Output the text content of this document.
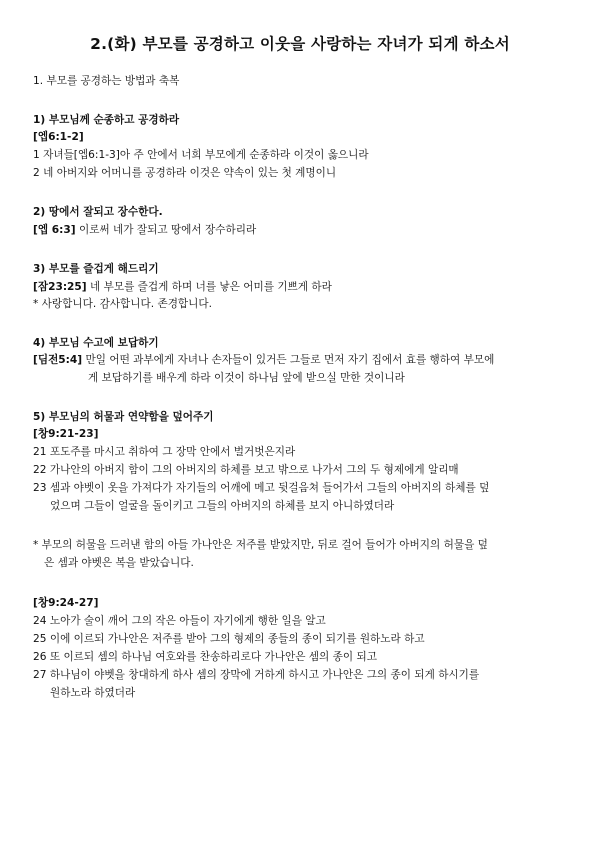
2.(화) 부모를 공경하고 이웃을 사랑하는 자녀가 되게 하소서
1. 부모를 공경하는 방법과 축복
1) 부모님께 순종하고 공경하라
[엡6:1-2]
1 자녀들[엡6:1-3]아 주 안에서 너희 부모에게 순종하라 이것이 옳으니라
2 네 아버지와 어머니를 공경하라 이것은 약속이 있는 첫 계명이니
2) 땅에서 잘되고 장수한다.
[엡 6:3] 이로써 네가 잘되고 땅에서 장수하리라
3) 부모를 즐겁게 해드리기
[잠23:25] 네 부모를 즐겁게 하며 너를 낳은 어미를 기쁘게 하라
* 사랑합니다. 감사합니다. 존경합니다.
4) 부모님 수고에 보답하기
[딤전5:4] 만일 어떤 과부에게 자녀나 손자들이 있거든 그들로 먼저 자기 집에서 효를 행하여 부모에
게 보답하기를 배우게 하라 이것이 하나님 앞에 받으실 만한 것이니라
5) 부모님의 허물과 연약함을 덮어주기
[창9:21-23]
21 포도주를 마시고 취하여 그 장막 안에서 벌거벗은지라
22 가나안의 아버지 함이 그의 아버지의 하체를 보고 밖으로 나가서 그의 두 형제에게 알리매
23 셈과 야벳이 옷을 가져다가 자기들의 어깨에 메고 뒷걸음쳐 들어가서 그들의 아버지의 하체를 덮
었으며 그들이 얼굴을 돌이키고 그들의 아버지의 하체를 보지 아니하였더라
* 부모의 허물을 드러낸 함의 아들 가나안은 저주를 받았지만, 뒤로 걸어 들어가 아버지의 허물을 덮
은 셈과 야벳은 복을 받았습니다.
[창9:24-27]
24 노아가 술이 깨어 그의 작은 아들이 자기에게 행한 일을 알고
25 이에 이르되 가나안은 저주를 받아 그의 형제의 종들의 종이 되기를 원하노라 하고
26 또 이르되 셈의 하나님 여호와를 찬송하리로다 가나안은 셈의 종이 되고
27 하나님이 야벳을 창대하게 하사 셈의 장막에 거하게 하시고 가나안은 그의 종이 되게 하시기를
원하노라 하였더라
